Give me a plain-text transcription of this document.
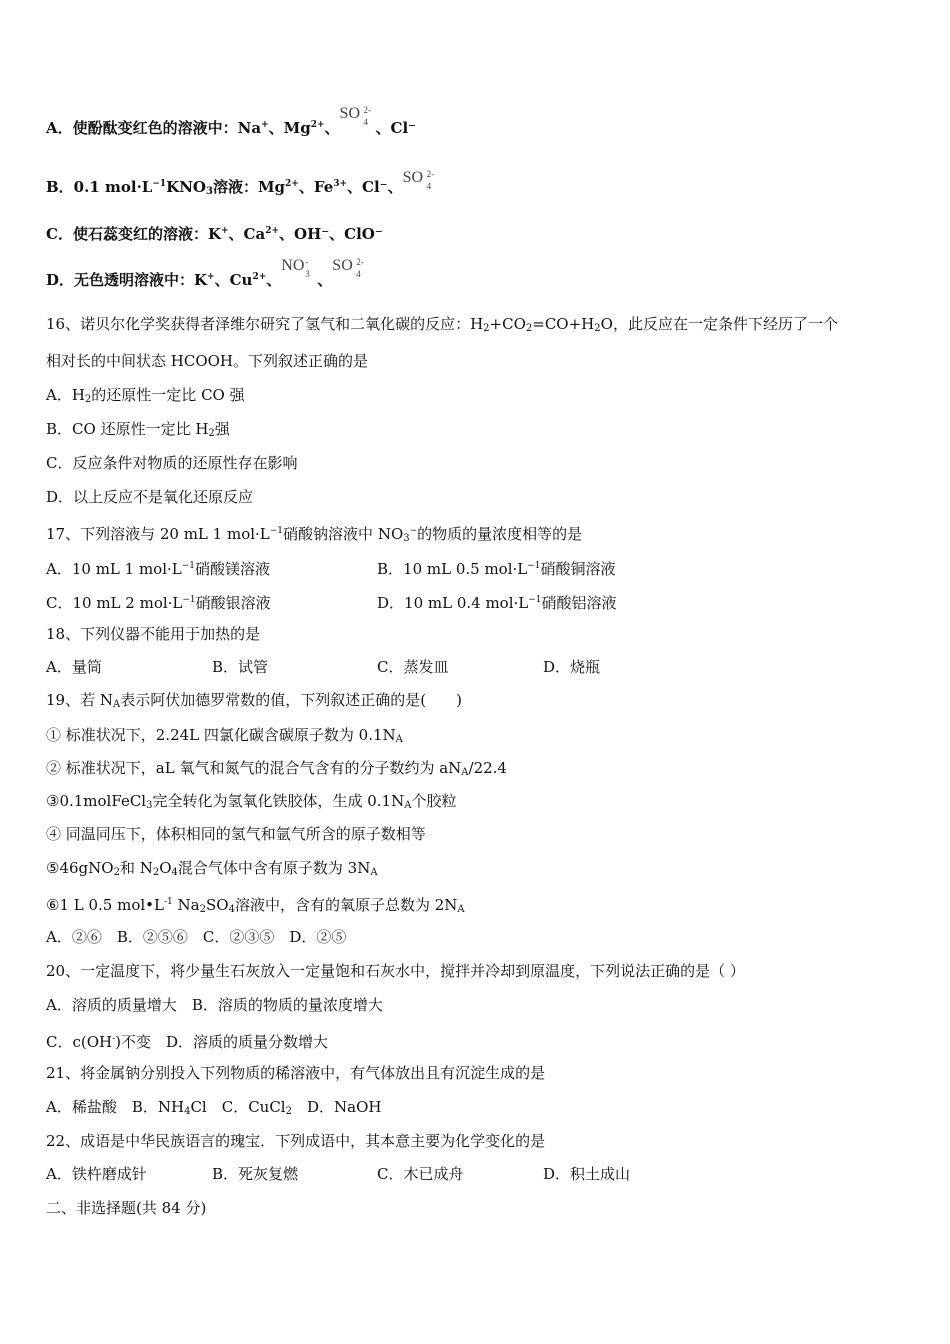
A．使酚酞变红色的溶液中：Na+、$Mg^{2+}$、
SO 2-
4 、Cl⁻
B．0.1 $mol\cdot L^{-1}KNO_3$溶液：$Mg^{2+}$、$Fe^{3+}$、Cl⁻、
SO 2-
4
C．使石蕊变红的溶液：K+、$Ca^{2+}$、OH⁻、ClO⁻
D．无色透明溶液中：K+、$Cu^{2+}$、
NO -
3 、
SO 2-
4
16、诺贝尔化学奖获得者泽维尔研究了氢气和二氧化碳的反应：$H_2+CO_2=CO+H_2O$，此反应在一定条件下经历了一个
相对长的中间状态 HCOOH。下列叙述正确的是
A．$H_2$的还原性一定比 CO 强
B．CO 还原性一定比 $H_2$强
C．反应条件对物质的还原性存在影响
D．以上反应不是氧化还原反应
17、下列溶液与 20 mL 1 $mol\cdot L^{-1}$硝酸钠溶液中 $NO_3^-$的物质的量浓度相等的是
A．10 mL 1 $mol\cdot L^{-1}$硝酸镁溶液	B．10 mL 0.5 $mol\cdot L^{-1}$硝酸铜溶液
C．10 mL 2 $mol\cdot L^{-1}$硝酸银溶液	D．10 mL 0.4 $mol\cdot L^{-1}$硝酸铝溶液
18、下列仪器不能用于加热的是
A．量筒	B．试管	C．蒸发皿	D．烧瓶
19、若 $N_A$表示阿伏加德罗常数的值，下列叙述正确的是(　　)
① 标准状况下，2.24L 四氯化碳含碳原子数为 $0.1N_A$
② 标准状况下，aL 氧气和氮气的混合气含有的分子数约为 $aN_A/22.4$
③0.1molFeCl$_3$完全转化为氢氧化铁胶体，生成 $0.1N_A$个胶粒
④ 同温同压下，体积相同的氢气和氩气所含的原子数相等
⑤46gNO$_2$和 $N_2O_4$混合气体中含有原子数为 $3N_A$
⑥1 L 0.5 $mol•L^{-1}$ $Na_2SO_4$溶液中，含有的氧原子总数为 $2N_A$
A．②⑥　B．②⑤⑥　C．②③⑤　D．②⑤
20、一定温度下，将少量生石灰放入一定量饱和石灰水中，搅拌并冷却到原温度，下列说法正确的是（ ）
A．溶质的质量增大　B．溶质的物质的量浓度增大
C．c(OH-)不变　D．溶质的质量分数增大
21、将金属钠分别投入下列物质的稀溶液中，有气体放出且有沉淀生成的是
A．稀盐酸　B．$NH_4Cl$　C．CuCl$_2$　D．NaOH
22、成语是中华民族语言的瑰宝．下列成语中，其本意主要为化学变化的是
A．铁杵磨成针	B．死灰复燃	C．木已成舟	D．积土成山
二、非选择题(共 84 分)
